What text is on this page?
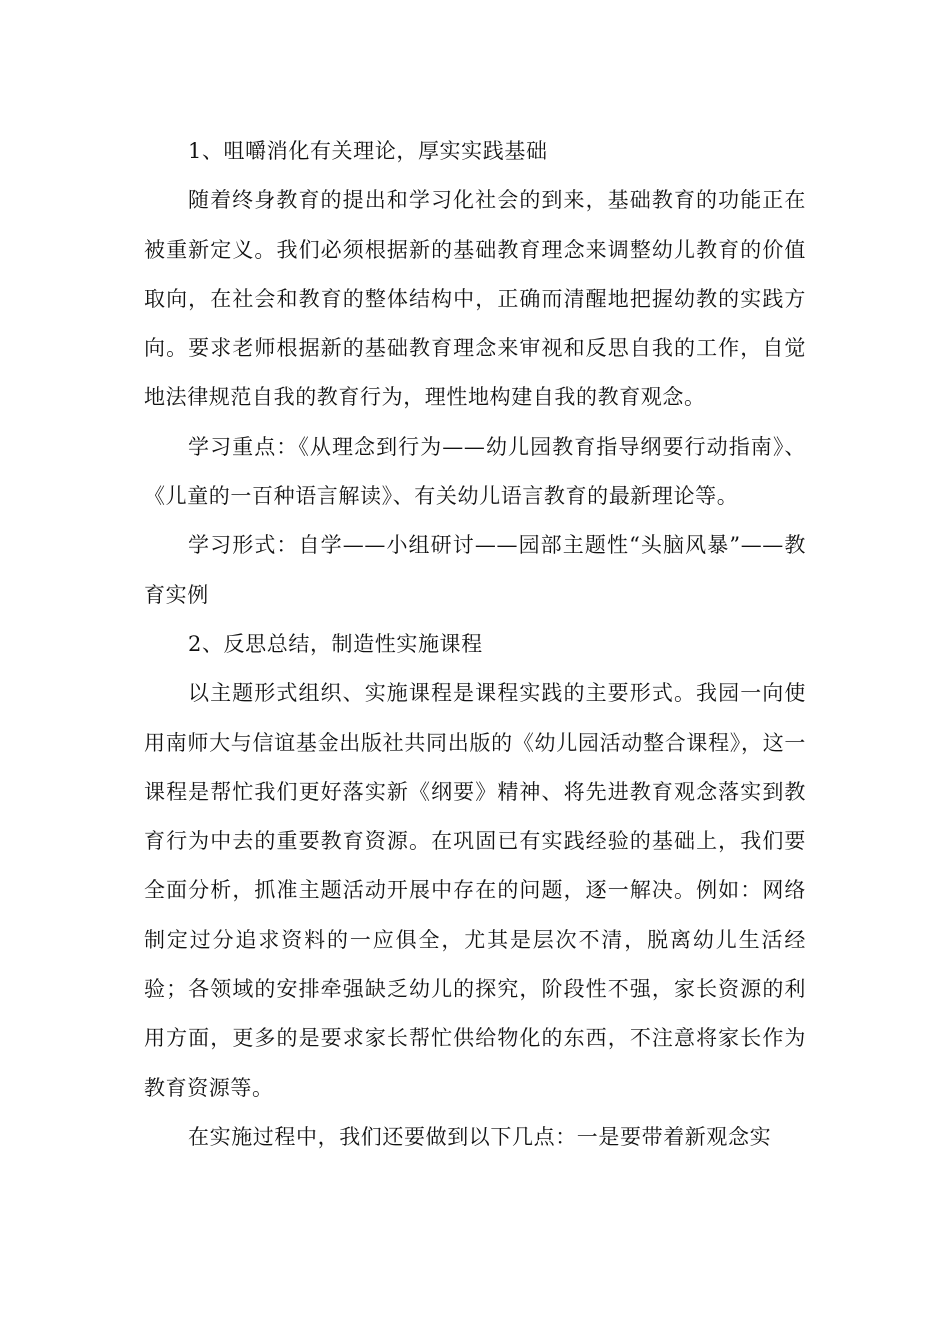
1、咀嚼消化有关理论，厚实实践基础

随着终身教育的提出和学习化社会的到来，基础教育的功能正在被重新定义。我们必须根据新的基础教育理念来调整幼儿教育的价值取向，在社会和教育的整体结构中，正确而清醒地把握幼教的实践方向。要求老师根据新的基础教育理念来审视和反思自我的工作，自觉地法律规范自我的教育行为，理性地构建自我的教育观念。

学习重点：《从理念到行为——幼儿园教育指导纲要行动指南》、《儿童的一百种语言解读》、有关幼儿语言教育的最新理论等。

学习形式：自学——小组研讨——园部主题性“头脑风暴”——教育实例

2、反思总结，制造性实施课程

以主题形式组织、实施课程是课程实践的主要形式。我园一向使用南师大与信谊基金出版社共同出版的《幼儿园活动整合课程》，这一课程是帮忙我们更好落实新《纲要》精神、将先进教育观念落实到教育行为中去的重要教育资源。在巩固已有实践经验的基础上，我们要全面分析，抓准主题活动开展中存在的问题，逐一解决。例如：网络制定过分追求资料的一应俱全，尤其是层次不清，脱离幼儿生活经验；各领域的安排牵强缺乏幼儿的探究，阶段性不强，家长资源的利用方面，更多的是要求家长帮忙供给物化的东西，不注意将家长作为教育资源等。

在实施过程中，我们还要做到以下几点：一是要带着新观念实
